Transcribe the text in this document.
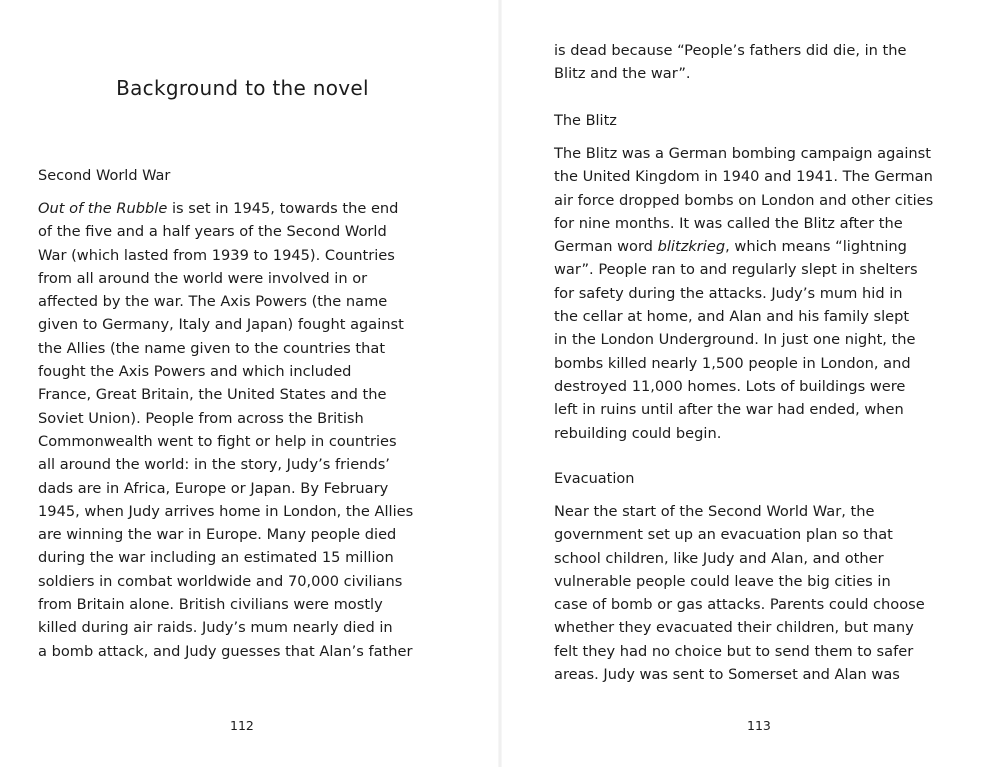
Background to the novel
Second World War
Out of the Rubble is set in 1945, towards the end
of the five and a half years of the Second World
War (which lasted from 1939 to 1945). Countries
from all around the world were involved in or
affected by the war. The Axis Powers (the name
given to Germany, Italy and Japan) fought against
the Allies (the name given to the countries that
fought the Axis Powers and which included
France, Great Britain, the United States and the
Soviet Union). People from across the British
Commonwealth went to fight or help in countries
all around the world: in the story, Judy’s friends’
dads are in Africa, Europe or Japan. By February
1945, when Judy arrives home in London, the Allies
are winning the war in Europe. Many people died
during the war including an estimated 15 million
soldiers in combat worldwide and 70,000 civilians
from Britain alone. British civilians were mostly
killed during air raids. Judy’s mum nearly died in
a bomb attack, and Judy guesses that Alan’s father
112
is dead because “People’s fathers did die, in the
Blitz and the war”.
The Blitz
The Blitz was a German bombing campaign against
the United Kingdom in 1940 and 1941. The German
air force dropped bombs on London and other cities
for nine months. It was called the Blitz after the
German word blitzkrieg, which means “lightning
war”. People ran to and regularly slept in shelters
for safety during the attacks. Judy’s mum hid in
the cellar at home, and Alan and his family slept
in the London Underground. In just one night, the
bombs killed nearly 1,500 people in London, and
destroyed 11,000 homes. Lots of buildings were
left in ruins until after the war had ended, when
rebuilding could begin.
Evacuation
Near the start of the Second World War, the
government set up an evacuation plan so that
school children, like Judy and Alan, and other
vulnerable people could leave the big cities in
case of bomb or gas attacks. Parents could choose
whether they evacuated their children, but many
felt they had no choice but to send them to safer
areas. Judy was sent to Somerset and Alan was
113
